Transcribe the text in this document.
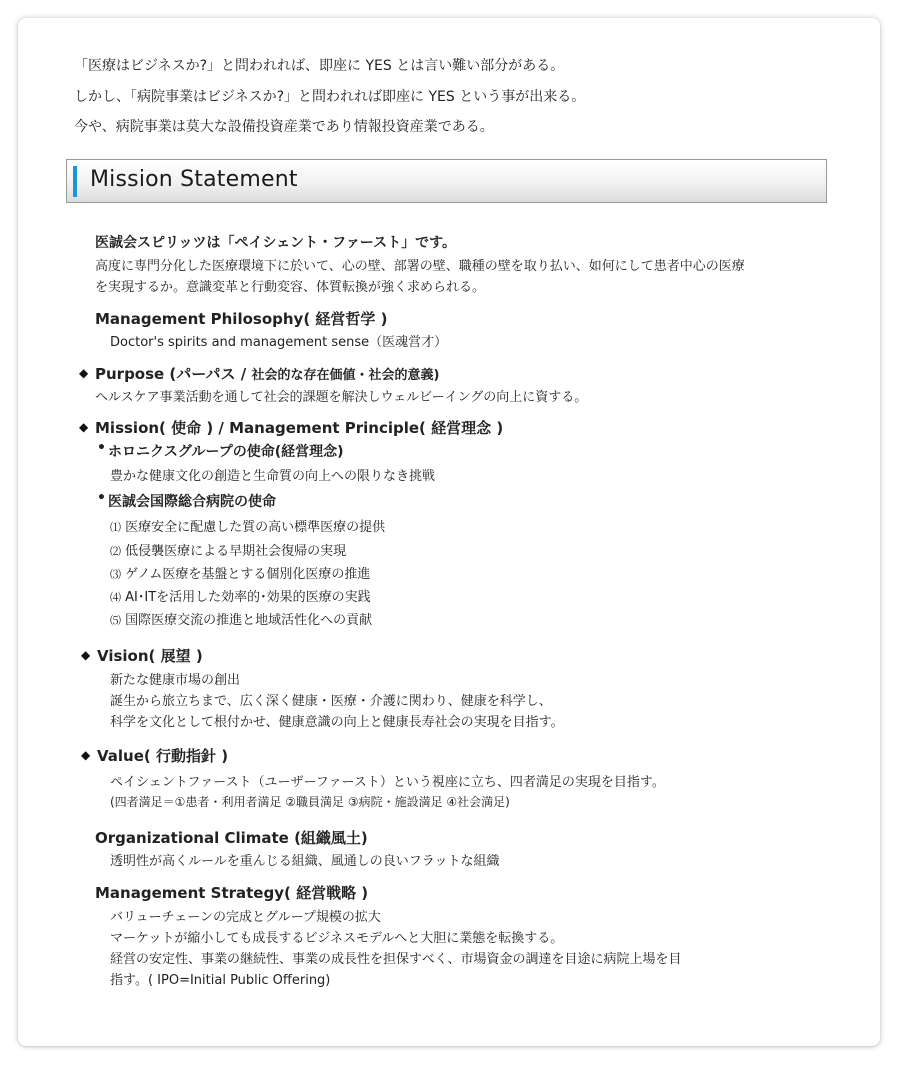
「医療はビジネスか?」と問われれば、即座に YES とは言い難い部分がある。

しかし、「病院事業はビジネスか?」と問われれば即座に YES という事が出来る。

今や、病院事業は莫大な設備投資産業であり情報投資産業である。

Mission Statement
医誠会スピリッツは「ペイシェント・ファースト」です。
高度に専門分化した医療環境下に於いて、心の壁、部署の壁、職種の壁を取り払い、如何にして患者中心の医療
を実現するか。意識変革と行動変容、体質転換が強く求められる。
Management Philosophy( 経営哲学 )
Doctor's spirits and management sense（医魂営才）
◆ Purpose (パーパス / 社会的な存在価値・社会的意義)
ヘルスケア事業活動を通して社会的課題を解決しウェルビーイングの向上に資する。
◆ Mission( 使命 ) / Management Principle( 経営理念 )
• ホロニクスグループの使命(経営理念)
豊かな健康文化の創造と生命質の向上への限りなき挑戦
• 医誠会国際総合病院の使命
⑴ 医療安全に配慮した質の高い標準医療の提供
⑵ 低侵襲医療による早期社会復帰の実現
⑶ ゲノム医療を基盤とする個別化医療の推進
⑷ AI･ITを活用した効率的･効果的医療の実践
⑸ 国際医療交流の推進と地域活性化への貢献
◆ Vision( 展望 )
新たな健康市場の創出
誕生から旅立ちまで、広く深く健康・医療・介護に関わり、健康を科学し、
科学を文化として根付かせ、健康意識の向上と健康長寿社会の実現を目指す。
◆ Value( 行動指針 )
ペイシェントファースト（ユーザーファースト）という視座に立ち、四者満足の実現を目指す。
(四者満足＝①患者・利用者満足 ②職員満足 ③病院・施設満足 ④社会満足)
Organizational Climate (組織風土)
透明性が高くルールを重んじる組織、風通しの良いフラットな組織
Management Strategy( 経営戦略 )
バリューチェーンの完成とグループ規模の拡大
マーケットが縮小しても成長するビジネスモデルへと大胆に業態を転換する。
経営の安定性、事業の継続性、事業の成長性を担保すべく、市場資金の調達を目途に病院上場を目
指す。( IPO=Initial Public Offering)
